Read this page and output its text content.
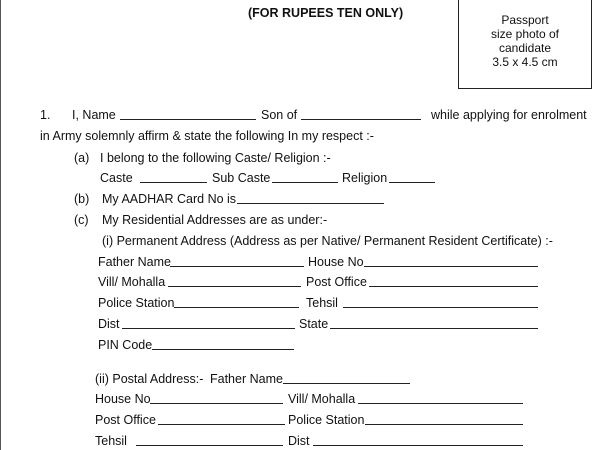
(FOR RUPEES TEN ONLY)	Passport
size photo of
candidate
3.5 x 4.5 cm
1. I, Name	Son of	while applying for enrolment
in Army solemnly affirm & state the following In my respect :-
(a) I belong to the following Caste/ Religion :-
Caste	Sub Caste	Religion
(b) My AADHAR Card No is
(c) My Residential Addresses are as under:-
(i) Permanent Address (Address as per Native/ Permanent Resident Certificate) :-
Father Name	House No
Vill/ Mohalla	Post Office
Police Station	Tehsil
Dist	State
PIN Code
(ii) Postal Address:- Father Name
House No	Vill/ Mohalla
Post Office	Police Station
Tehsil	Dist
